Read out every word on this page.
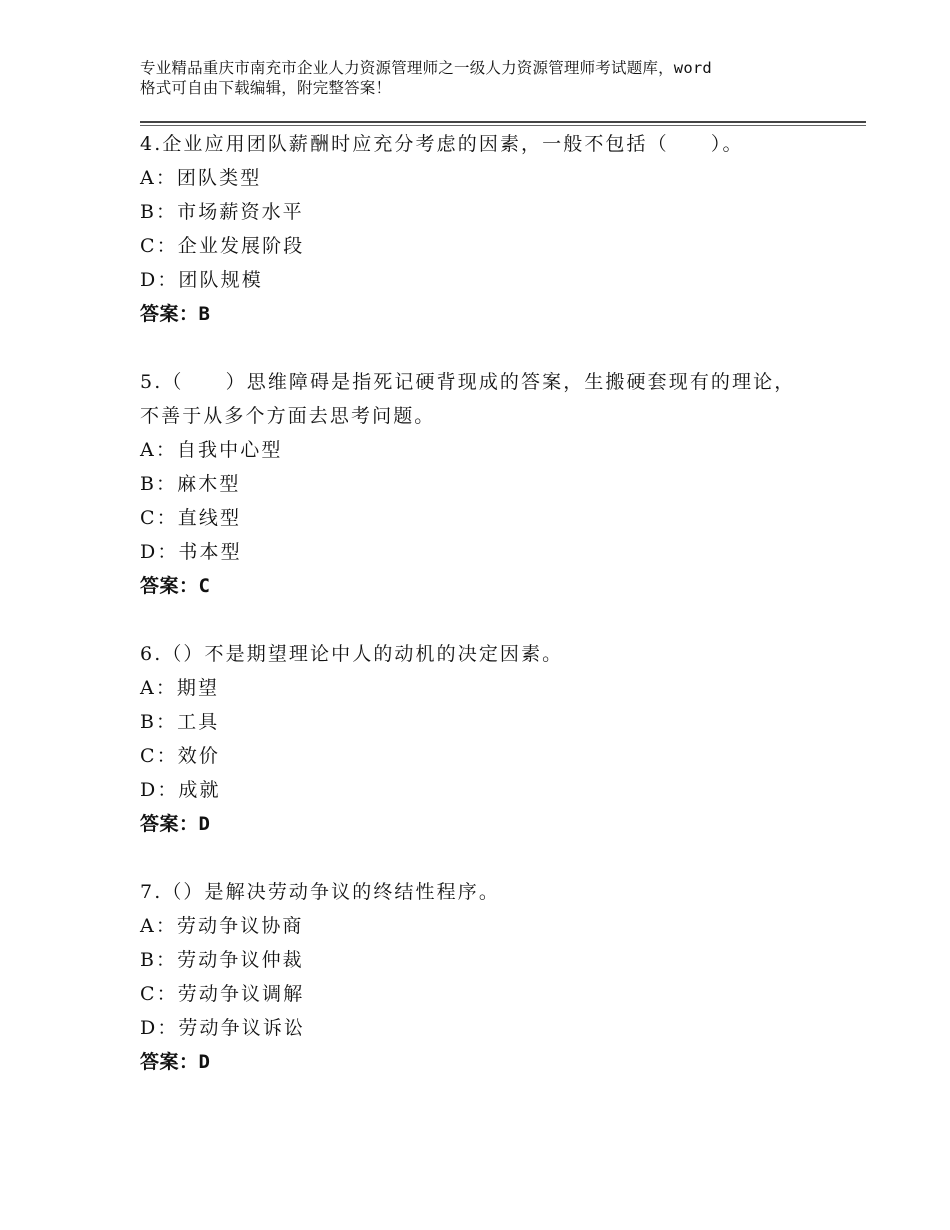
专业精品重庆市南充市企业人力资源管理师之一级人力资源管理师考试题库，word
格式可自由下载编辑，附完整答案！
4.企业应用团队薪酬时应充分考虑的因素，一般不包括（　　）。
A：团队类型
B：市场薪资水平
C：企业发展阶段
D：团队规模
答案：B
5.（　　）思维障碍是指死记硬背现成的答案，生搬硬套现有的理论，
不善于从多个方面去思考问题。
A：自我中心型
B：麻木型
C：直线型
D：书本型
答案：C
6.（）不是期望理论中人的动机的决定因素。
A：期望
B：工具
C：效价
D：成就
答案：D
7.（）是解决劳动争议的终结性程序。
A：劳动争议协商
B：劳动争议仲裁
C：劳动争议调解
D：劳动争议诉讼
答案：D
